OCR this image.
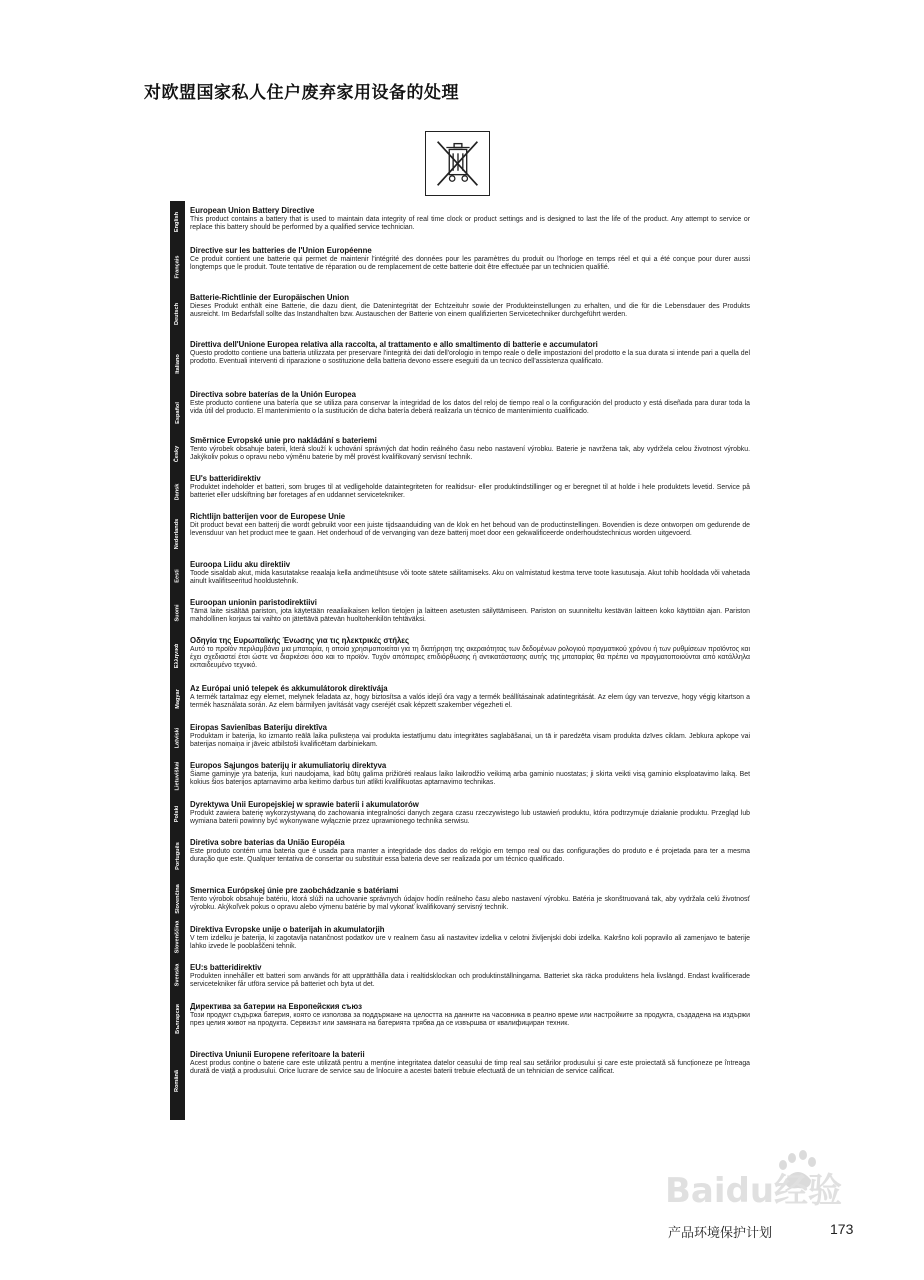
对欧盟国家私人住户废弃家用设备的处理
English
Français
Deutsch
Italiano
Español
Česky
Dansk
Nederlands
Eesti
Suomi
Ελληνικά
Magyar
Latviski
Lietuviškai
Polski
Português
Slovenčina
Slovenščina
Svenska
Български
Română
European Union Battery Directive

This product contains a battery that is used to maintain data integrity of real time clock or product settings and is designed to last the life of the product. Any attempt to service or replace this battery should be performed by a qualified service technician.

Directive sur les batteries de l'Union Européenne

Ce produit contient une batterie qui permet de maintenir l'intégrité des données pour les paramètres du produit ou l'horloge en temps réel et qui a été conçue pour durer aussi longtemps que le produit. Toute tentative de réparation ou de remplacement de cette batterie doit être effectuée par un technicien qualifié.

Batterie-Richtlinie der Europäischen Union

Dieses Produkt enthält eine Batterie, die dazu dient, die Datenintegrität der Echtzeituhr sowie der Produkteinstellungen zu erhalten, und die für die Lebensdauer des Produkts ausreicht. Im Bedarfsfall sollte das Instandhalten bzw. Austauschen der Batterie von einem qualifizierten Servicetechniker durchgeführt werden.

Direttiva dell'Unione Europea relativa alla raccolta, al trattamento e allo smaltimento di batterie e accumulatori

Questo prodotto contiene una batteria utilizzata per preservare l'integrità dei dati dell'orologio in tempo reale o delle impostazioni del prodotto e la sua durata si intende pari a quella del prodotto. Eventuali interventi di riparazione o sostituzione della batteria devono essere eseguiti da un tecnico dell'assistenza qualificato.

Directiva sobre baterías de la Unión Europea

Este producto contiene una batería que se utiliza para conservar la integridad de los datos del reloj de tiempo real o la configuración del producto y está diseñada para durar toda la vida útil del producto. El mantenimiento o la sustitución de dicha batería deberá realizarla un técnico de mantenimiento cualificado.

Směrnice Evropské unie pro nakládání s bateriemi

Tento výrobek obsahuje baterii, která slouží k uchování správných dat hodin reálného času nebo nastavení výrobku. Baterie je navržena tak, aby vydržela celou životnost výrobku. Jakýkoliv pokus o opravu nebo výměnu baterie by měl provést kvalifikovaný servisní technik.

EU's batteridirektiv

Produktet indeholder et batteri, som bruges til at vedligeholde dataintegriteten for realtidsur- eller produktindstillinger og er beregnet til at holde i hele produktets levetid. Service på batteriet eller udskiftning bør foretages af en uddannet servicetekniker.

Richtlijn batterijen voor de Europese Unie

Dit product bevat een batterij die wordt gebruikt voor een juiste tijdsaanduiding van de klok en het behoud van de productinstellingen. Bovendien is deze ontworpen om gedurende de levensduur van het product mee te gaan. Het onderhoud of de vervanging van deze batterij moet door een gekwalificeerde onderhoudstechnicus worden uitgevoerd.

Euroopa Liidu aku direktiiv

Toode sisaldab akut, mida kasutatakse reaalaja kella andmeühtsuse või toote sätete säilitamiseks. Aku on valmistatud kestma terve toote kasutusaja. Akut tohib hooldada või vahetada ainult kvalifitseeritud hooldustehnik.

Euroopan unionin paristodirektiivi

Tämä laite sisältää pariston, jota käytetään reaaliaikaisen kellon tietojen ja laitteen asetusten säilyttämiseen. Pariston on suunniteltu kestävän laitteen koko käyttöiän ajan. Pariston mahdollinen korjaus tai vaihto on jätettävä pätevän huoltohenkilön tehtäväksi.

Οδηγία της Ευρωπαϊκής Ένωσης για τις ηλεκτρικές στήλες

Αυτό το προϊόν περιλαμβάνει μια μπαταρία, η οποία χρησιμοποιείται για τη διατήρηση της ακεραιότητας των δεδομένων ρολογιού πραγματικού χρόνου ή των ρυθμίσεων προϊόντος και έχει σχεδιαστεί έτσι ώστε να διαρκέσει όσο και το προϊόν. Τυχόν απόπειρες επιδιόρθωσης ή αντικατάστασης αυτής της μπαταρίας θα πρέπει να πραγματοποιούνται από κατάλληλα εκπαιδευμένο τεχνικό.

Az Európai unió telepek és akkumulátorok direktívája

A termék tartalmaz egy elemet, melynek feladata az, hogy biztosítsa a valós idejű óra vagy a termék beállításainak adatintegritását. Az elem úgy van tervezve, hogy végig kitartson a termék használata során. Az elem bármilyen javítását vagy cseréjét csak képzett szakember végezheti el.

Eiropas Savienības Bateriju direktīva

Produktam ir baterija, ko izmanto reālā laika pulksteņa vai produkta iestatījumu datu integritātes saglabāšanai, un tā ir paredzēta visam produkta dzīves ciklam. Jebkura apkope vai baterijas nomaiņa ir jāveic atbilstoši kvalificētam darbiniekam.

Europos Sąjungos baterijų ir akumuliatorių direktyva

Šiame gaminyje yra baterija, kuri naudojama, kad būtų galima prižiūrėti realaus laiko laikrodžio veikimą arba gaminio nuostatas; ji skirta veikti visą gaminio eksploatavimo laiką. Bet kokius šios baterijos aptarnavimo arba keitimo darbus turi atlikti kvalifikuotas aptarnavimo technikas.

Dyrektywa Unii Europejskiej w sprawie baterii i akumulatorów

Produkt zawiera baterię wykorzystywaną do zachowania integralności danych zegara czasu rzeczywistego lub ustawień produktu, która podtrzymuje działanie produktu. Przegląd lub wymiana baterii powinny być wykonywane wyłącznie przez uprawnionego technika serwisu.

Diretiva sobre baterias da União Européia

Este produto contém uma bateria que é usada para manter a integridade dos dados do relógio em tempo real ou das configurações do produto e é projetada para ter a mesma duração que este. Qualquer tentativa de consertar ou substituir essa bateria deve ser realizada por um técnico qualificado.

Smernica Európskej únie pre zaobchádzanie s batériami

Tento výrobok obsahuje batériu, ktorá slúži na uchovanie správnych údajov hodín reálneho času alebo nastavení výrobku. Batéria je skonštruovaná tak, aby vydržala celú životnosť výrobku. Akýkoľvek pokus o opravu alebo výmenu batérie by mal vykonať kvalifikovaný servisný technik.

Direktiva Evropske unije o baterijah in akumulatorjih

V tem izdelku je baterija, ki zagotavlja natančnost podatkov ure v realnem času ali nastavitev izdelka v celotni življenjski dobi izdelka. Kakršno koli popravilo ali zamenjavo te baterije lahko izvede le pooblaščeni tehnik.

EU:s batteridirektiv

Produkten innehåller ett batteri som används för att upprätthålla data i realtidsklockan och produktinställningarna. Batteriet ska räcka produktens hela livslängd. Endast kvalificerade servicetekniker får utföra service på batteriet och byta ut det.

Директива за батерии на Европейския съюз

Този продукт съдържа батерия, която се използва за поддържане на целостта на данните на часовника в реално време или настройките за продукта, създадена на издържи през целия живот на продукта. Сервизът или замяната на батерията трябва да се извършва от квалифициран техник.

Directiva Uniunii Europene referitoare la baterii

Acest produs conține o baterie care este utilizată pentru a menține integritatea datelor ceasului de timp real sau setărilor produsului și care este proiectată să funcționeze pe întreaga durată de viață a produsului. Orice lucrare de service sau de înlocuire a acestei baterii trebuie efectuată de un tehnician de service calificat.

Baidu经验
产品环境保护计划	173
